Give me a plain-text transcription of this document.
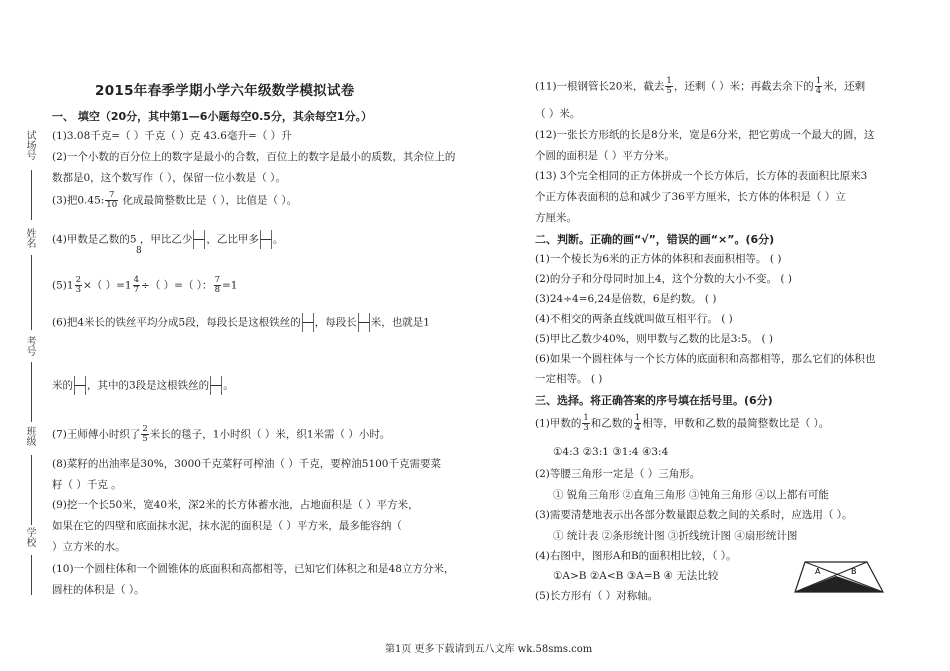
试场号
姓名
考号
班级
学校
2015年春季学期小学六年级数学模拟试卷
一、 填空（20分，其中第1—6小题每空0.5分，其余每空1分。）
(1)3.08千克=（ ）千克（ ）克 43.6毫升=（ ）升
(2)一个小数的百分位上的数字是最小的合数，百位上的数字是最小的质数，其余位上的
数都是0，这个数写作（ ），保留一位小数是（ ）。
(3)把0.45: $\frac{7}{10}$ 化成最简整数比是（ ），比值是（ ）。
(4)甲数是乙数的5 ，甲比乙少 ，乙比甲多 。
8
$(5)1 \frac{2}{3}$ ×（ ）$=1 \frac{4}{7}$ ÷（ ）=（ ）： $\frac{7}{8} =1$
(6)把4米长的铁丝平均分成5段，每段长是这根铁丝的 ，每段长 米，也就是1
米的 ，其中的3段是这根铁丝的 。
(7)王师傅小时织了 $\frac{2}{5}$ 米长的毯子，1小时织（ ）米，织1米需（ ）小时。
(8)菜籽的出油率是30%，3000千克菜籽可榨油（ ）千克，要榨油5100千克需要菜
籽（ ）千克 。
(9)挖一个长50米，宽40米，深2米的长方体蓄水池，占地面积是（ ）平方米，
如果在它的四壁和底面抹水泥，抹水泥的面积是（ ）平方米，最多能容纳（
）立方米的水。
(10)一个圆柱体和一个圆锥体的底面积和高都相等，已知它们体积之和是48立方分米，
圆柱的体积是（ ）。
(11)一根钢管长20米，截去 $\frac{1}{5}$ ，还剩（ ）米；再截去余下的 $\frac{1}{4}$ 米，还剩
（ ）米。
(12)一张长方形纸的长是8分米，宽是6分米，把它剪成一个最大的圆，这
个圆的面积是（ ）平方分米。
(13) 3个完全相同的正方体拼成一个长方体后，长方体的表面积比原来3
个正方体表面积的总和减少了36平方厘米，长方体的体积是（ ）立
方厘米。
二、判断。正确的画“√”，错误的画“×”。(6分)
(1)一个棱长为6米的正方体的体积和表面积相等。 ( )
(2)的分子和分母同时加上4，这个分数的大小不变。 ( )
(3)24÷4=6,24是倍数，6是约数。 ( )
(4)不相交的两条直线就叫做互相平行。 ( )
(5)甲比乙数少40%，则甲数与乙数的比是3:5。 ( )
(6)如果一个圆柱体与一个长方体的底面积和高都相等，那么它们的体积也
一定相等。 ( )
三、选择。将正确答案的序号填在括号里。(6分)
(1)甲数的 $\frac{1}{3}$ 和乙数的 $\frac{1}{4}$ 相等，甲数和乙数的最简整数比是（ ）。
①4:3 ②3:1 ③1:4 ④3:4
(2)等腰三角形一定是（ ）三角形。
① 锐角三角形 ②直角三角形 ③钝角三角形 ④以上都有可能
(3)需要清楚地表示出各部分数量跟总数之间的关系时，应选用（ ）。
① 统计表 ②条形统计图 ③折线统计图 ④扇形统计图
(4)右图中，图形A和B的面积相比较，（ ）。
①A>B ②A<B ③A=B ④ 无法比较
(5)长方形有（ ）对称轴。
A	B
第1页 更多下载请到五八文库 wk.58sms.com
